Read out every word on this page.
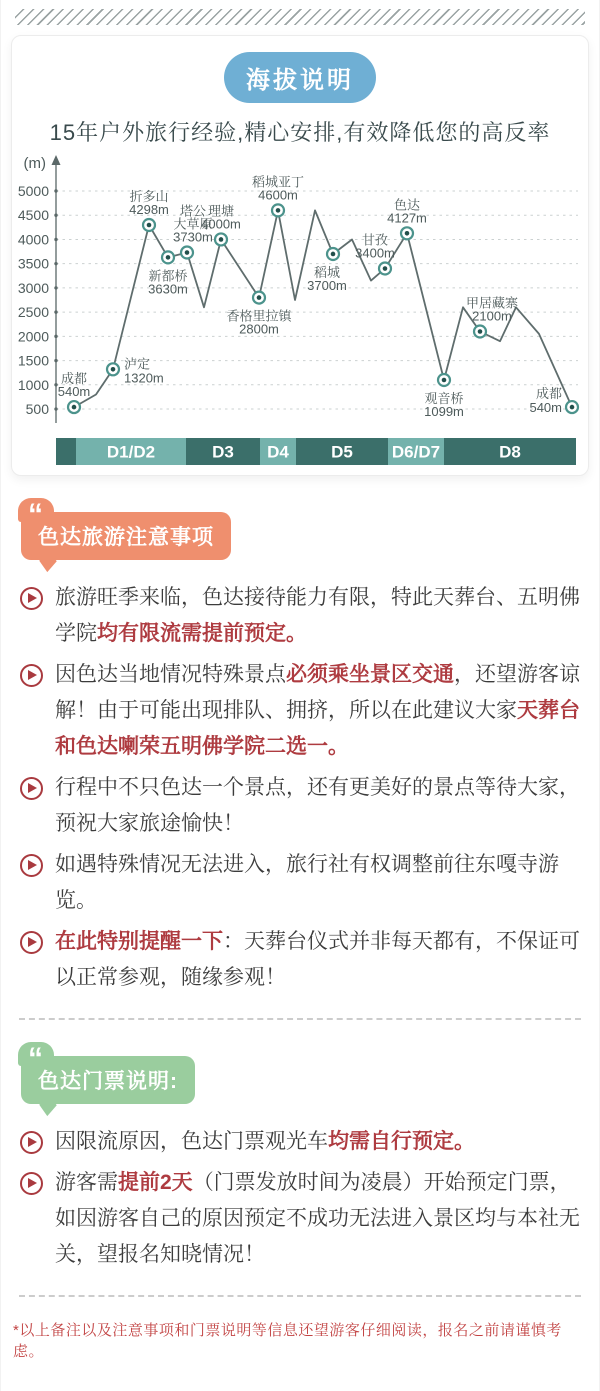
海拔说明
15年户外旅行经验,精心安排,有效降低您的高反率
500
1000
1500
2000
2500
3000
3500
4000
4500
5000
(m)
成都
540m
泸定
1320m
折多山
4298m
新都桥
3630m
塔公
大草原
3730m
理塘
4000m
香格里拉镇
2800m
稻城亚丁
4600m
稻城
3700m
甘孜
3400m
色达
4127m
观音桥
1099m
甲居藏寨
2100m
成都
540m
D1/D2	D3 D4 D5 D6/D7	D8
“
色达旅游注意事项

旅游旺季来临，色达接待能力有限，特此天葬台、五明佛学院均有限流需提前预定。

因色达当地情况特殊景点必须乘坐景区交通，还望游客谅解！由于可能出现排队、拥挤，所以在此建议大家天葬台和色达喇荣五明佛学院二选一。

行程中不只色达一个景点，还有更美好的景点等待大家，预祝大家旅途愉快！

如遇特殊情况无法进入，旅行社有权调整前往东嘎寺游览。

在此特别提醒一下：天葬台仪式并非每天都有，不保证可以正常参观，随缘参观！

“
色达门票说明:

因限流原因，色达门票观光车均需自行预定。

游客需提前2天（门票发放时间为凌晨）开始预定门票，如因游客自己的原因预定不成功无法进入景区均与本社无关，望报名知晓情况！

*以上备注以及注意事项和门票说明等信息还望游客仔细阅读，报名之前请谨慎考虑。
